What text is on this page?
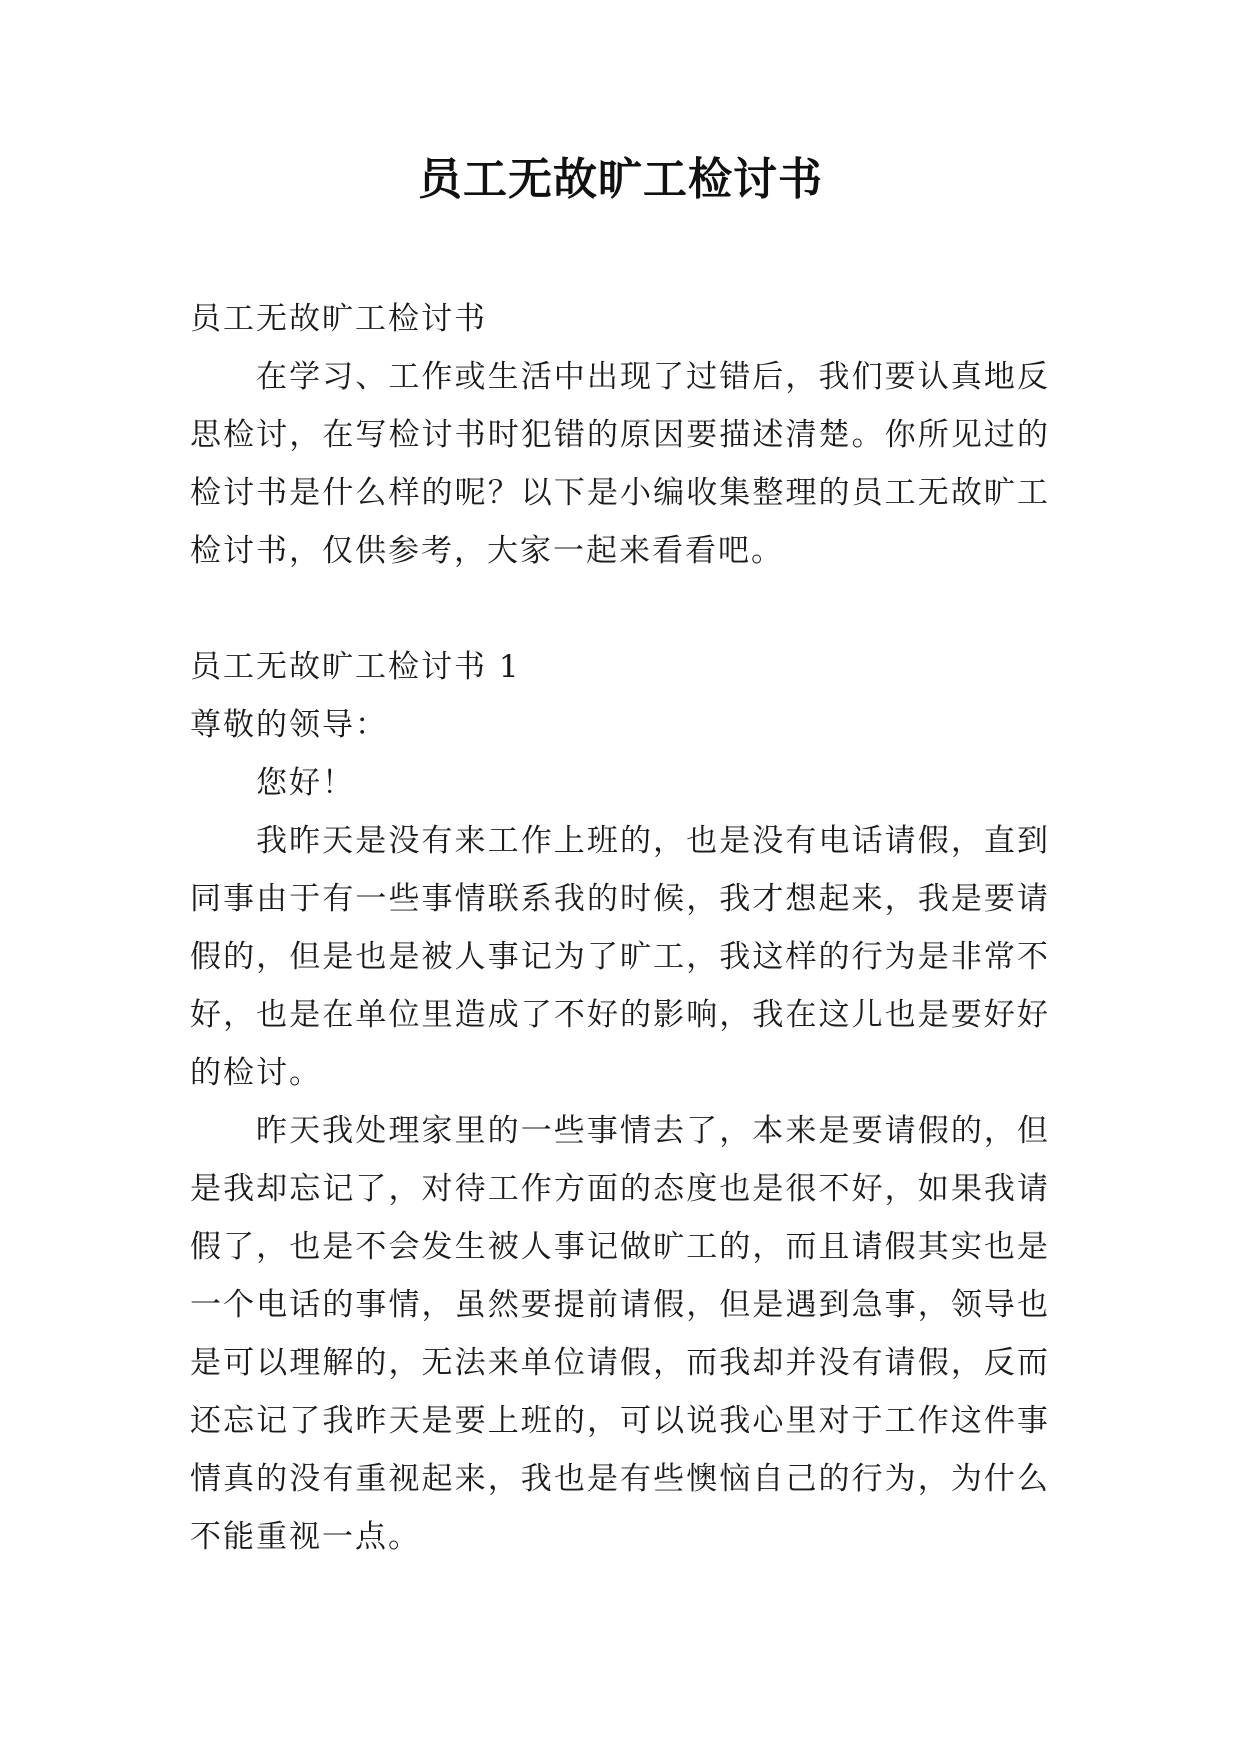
员工无故旷工检讨书

员工无故旷工检讨书

在学习、工作或生活中出现了过错后，我们要认真地反思检讨，在写检讨书时犯错的原因要描述清楚。你所见过的检讨书是什么样的呢？以下是小编收集整理的员工无故旷工检讨书，仅供参考，大家一起来看看吧。

员工无故旷工检讨书 1

尊敬的领导：

您好！

我昨天是没有来工作上班的，也是没有电话请假，直到同事由于有一些事情联系我的时候，我才想起来，我是要请假的，但是也是被人事记为了旷工，我这样的行为是非常不好，也是在单位里造成了不好的影响，我在这儿也是要好好的检讨。

昨天我处理家里的一些事情去了，本来是要请假的，但是我却忘记了，对待工作方面的态度也是很不好，如果我请假了，也是不会发生被人事记做旷工的，而且请假其实也是一个电话的事情，虽然要提前请假，但是遇到急事，领导也是可以理解的，无法来单位请假，而我却并没有请假，反而还忘记了我昨天是要上班的，可以说我心里对于工作这件事情真的没有重视起来，我也是有些懊恼自己的行为，为什么不能重视一点。
